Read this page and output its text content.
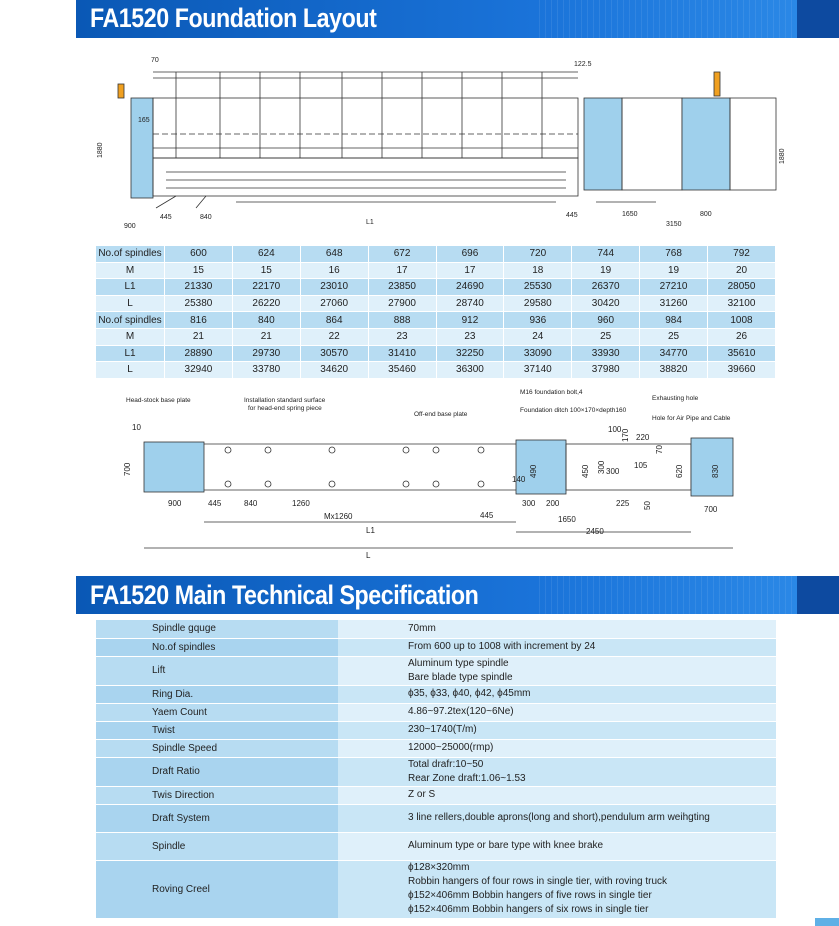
FA1520 Foundation Layout
70
122.5
165
1880	1880
900
445	840
L1
445	1650	800
3150
No.of spindles	600	624	648	672	696	720	744	768	792
M	15	15	16	17	17	18	19	19	20
L1	21330	22170	23010	23850	24690	25530	26370	27210	28050
L	25380	26220	27060	27900	28740	29580	30420	31260	32100
No.of spindles	816	840	864	888	912	936	960	984	1008
M	21	21	22	23	23	24	25	25	26
L1	28890	29730	30570	31410	32250	33090	33930	34770	35610
L	32940	33780	34620	35460	36300	37140	37980	38820	39660
Head-stock base plate	Installation standard surface
for head-end spring piece
Off-end base plate
M16 foundation bolt,4
Foundation ditch 100×170×depth160
Exhausting hole
Hole for Air Pipe and Cable
10
700
900	445	840	1260
Mx1260
L1
L
445
490
140
300 200
1650
2450
450 300 300
100 170 220
70
105	620
225 50
830
700
FA1520 Main Technical Specification
Spindle gquge	70mm

No.of spindles	From 600 up to 1008 with increment by 24

Lift	Aluminum type spindle
Bare blade type spindle

Ring Dia.	ϕ35, ϕ33, ϕ40, ϕ42, ϕ45mm

Yaem Count	4.86~97.2tex(120~6Ne)

Twist	230~1740(T/m)

Spindle Speed	12000~25000(rmp)

Draft Ratio	Total drafr:10~50
Rear Zone draft:1.06~1.53

Twis Direction	Z or S

Draft System	3 line rellers,double aprons(long and short),pendulum arm weihgting

Spindle	Aluminum type or bare type with knee brake

Roving Creel	ϕ128×320mm
Robbin hangers of four rows in single tier, with roving truck
ϕ152×406mm Bobbin hangers of five rows in single tier
ϕ152×406mm Bobbin hangers of six rows in single tier
